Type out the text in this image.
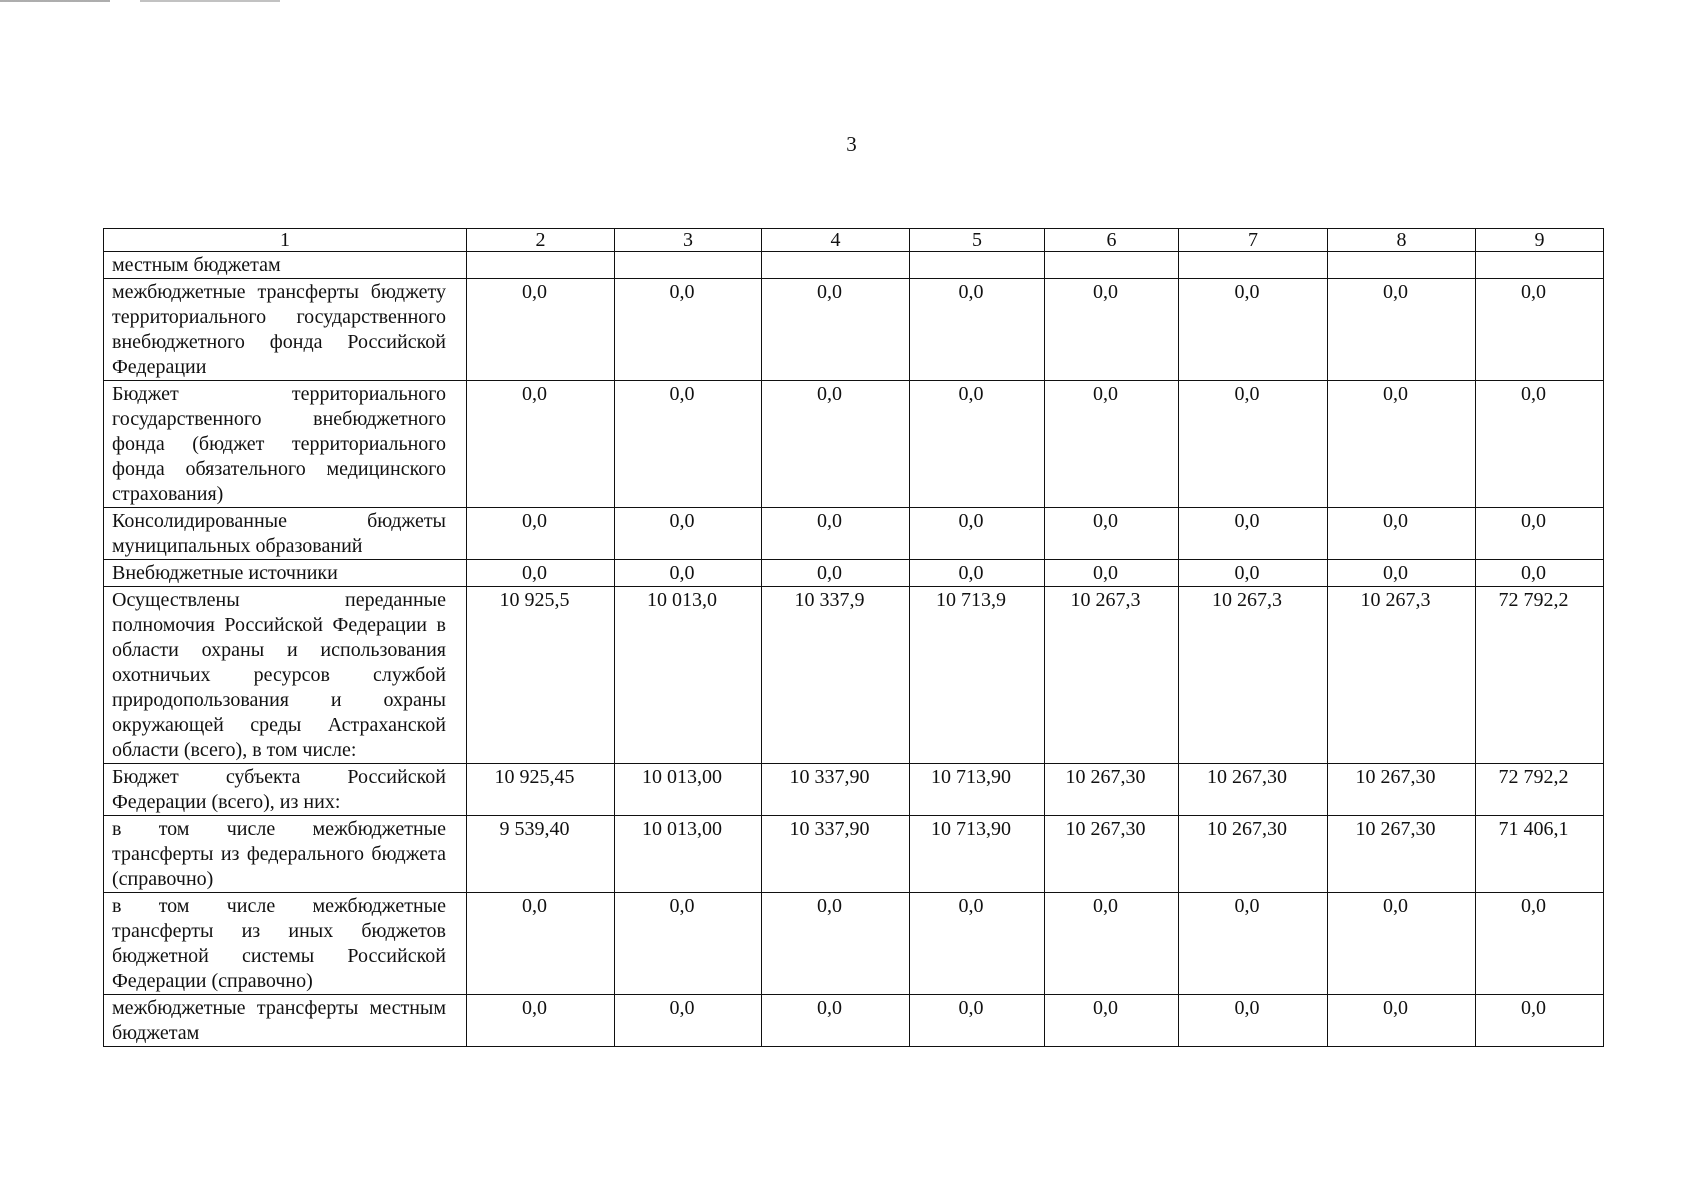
3
1	2	3	4	5	6	7	8	9
местным бюджетам								
межбюджетные трансферты бюджету территориального государственного внебюджетного фонда Российской Федерации	0,0	0,0	0,0	0,0	0,0	0,0	0,0	0,0
Бюджет территориального государственного внебюджетного фонда (бюджет территориального фонда обязательного медицинского страхования)	0,0	0,0	0,0	0,0	0,0	0,0	0,0	0,0
Консолидированные бюджеты муниципальных образований	0,0	0,0	0,0	0,0	0,0	0,0	0,0	0,0
Внебюджетные источники	0,0	0,0	0,0	0,0	0,0	0,0	0,0	0,0
Осуществлены переданные полномочия Российской Федерации в области охраны и использования охотничьих ресурсов службой природопользования и охраны окружающей среды Астраханской области (всего), в том числе:	10 925,5	10 013,0	10 337,9	10 713,9	10 267,3	10 267,3	10 267,3	72 792,2
Бюджет субъекта Российской Федерации (всего), из них:	10 925,45	10 013,00	10 337,90	10 713,90	10 267,30	10 267,30	10 267,30	72 792,2
в том числе межбюджетные трансферты из федерального бюджета (справочно)	9 539,40	10 013,00	10 337,90	10 713,90	10 267,30	10 267,30	10 267,30	71 406,1
в том числе межбюджетные трансферты из иных бюджетов бюджетной системы Российской Федерации (справочно)	0,0	0,0	0,0	0,0	0,0	0,0	0,0	0,0
межбюджетные трансферты местным бюджетам	0,0	0,0	0,0	0,0	0,0	0,0	0,0	0,0
